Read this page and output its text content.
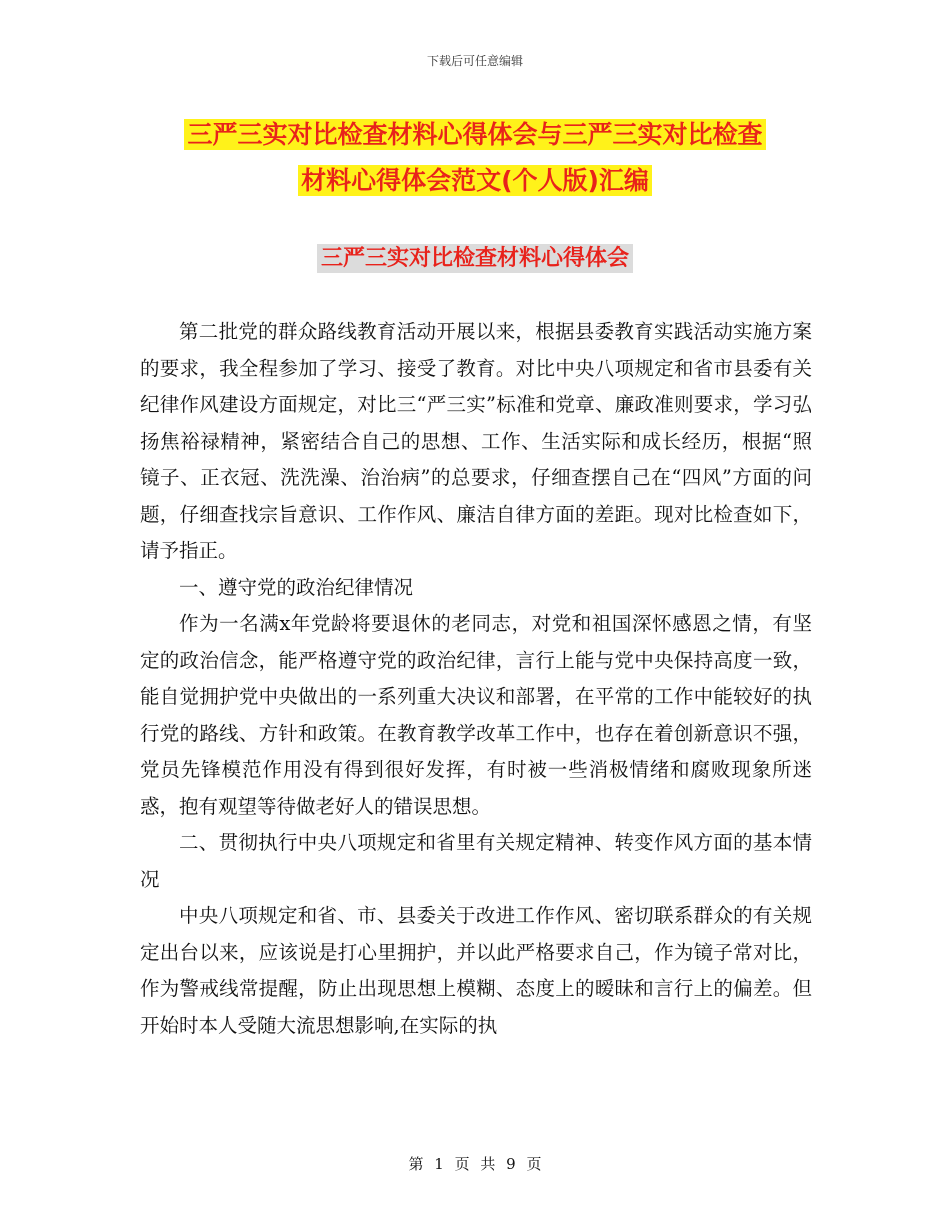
下载后可任意编辑
三严三实对比检查材料心得体会与三严三实对比检查
材料心得体会范文(个人版)汇编
三严三实对比检查材料心得体会

第二批党的群众路线教育活动开展以来，根据县委教育实践活动实施方案的要求，我全程参加了学习、接受了教育。对比中央八项规定和省市县委有关纪律作风建设方面规定，对比三“严三实”标准和党章、廉政准则要求，学习弘扬焦裕禄精神，紧密结合自己的思想、工作、生活实际和成长经历，根据“照镜子、正衣冠、洗洗澡、治治病”的总要求，仔细查摆自己在“四风”方面的问题，仔细查找宗旨意识、工作作风、廉洁自律方面的差距。现对比检查如下，请予指正。

一、遵守党的政治纪律情况

作为一名满x年党龄将要退休的老同志，对党和祖国深怀感恩之情，有坚定的政治信念，能严格遵守党的政治纪律，言行上能与党中央保持高度一致，能自觉拥护党中央做出的一系列重大决议和部署，在平常的工作中能较好的执行党的路线、方针和政策。在教育教学改革工作中，也存在着创新意识不强，党员先锋模范作用没有得到很好发挥，有时被一些消极情绪和腐败现象所迷惑，抱有观望等待做老好人的错误思想。

二、贯彻执行中央八项规定和省里有关规定精神、转变作风方面的基本情况

中央八项规定和省、市、县委关于改进工作作风、密切联系群众的有关规定出台以来，应该说是打心里拥护，并以此严格要求自己，作为镜子常对比，作为警戒线常提醒，防止出现思想上模糊、态度上的暧昧和言行上的偏差。但开始时本人受随大流思想影响,在实际的执

第 1 页 共 9 页
